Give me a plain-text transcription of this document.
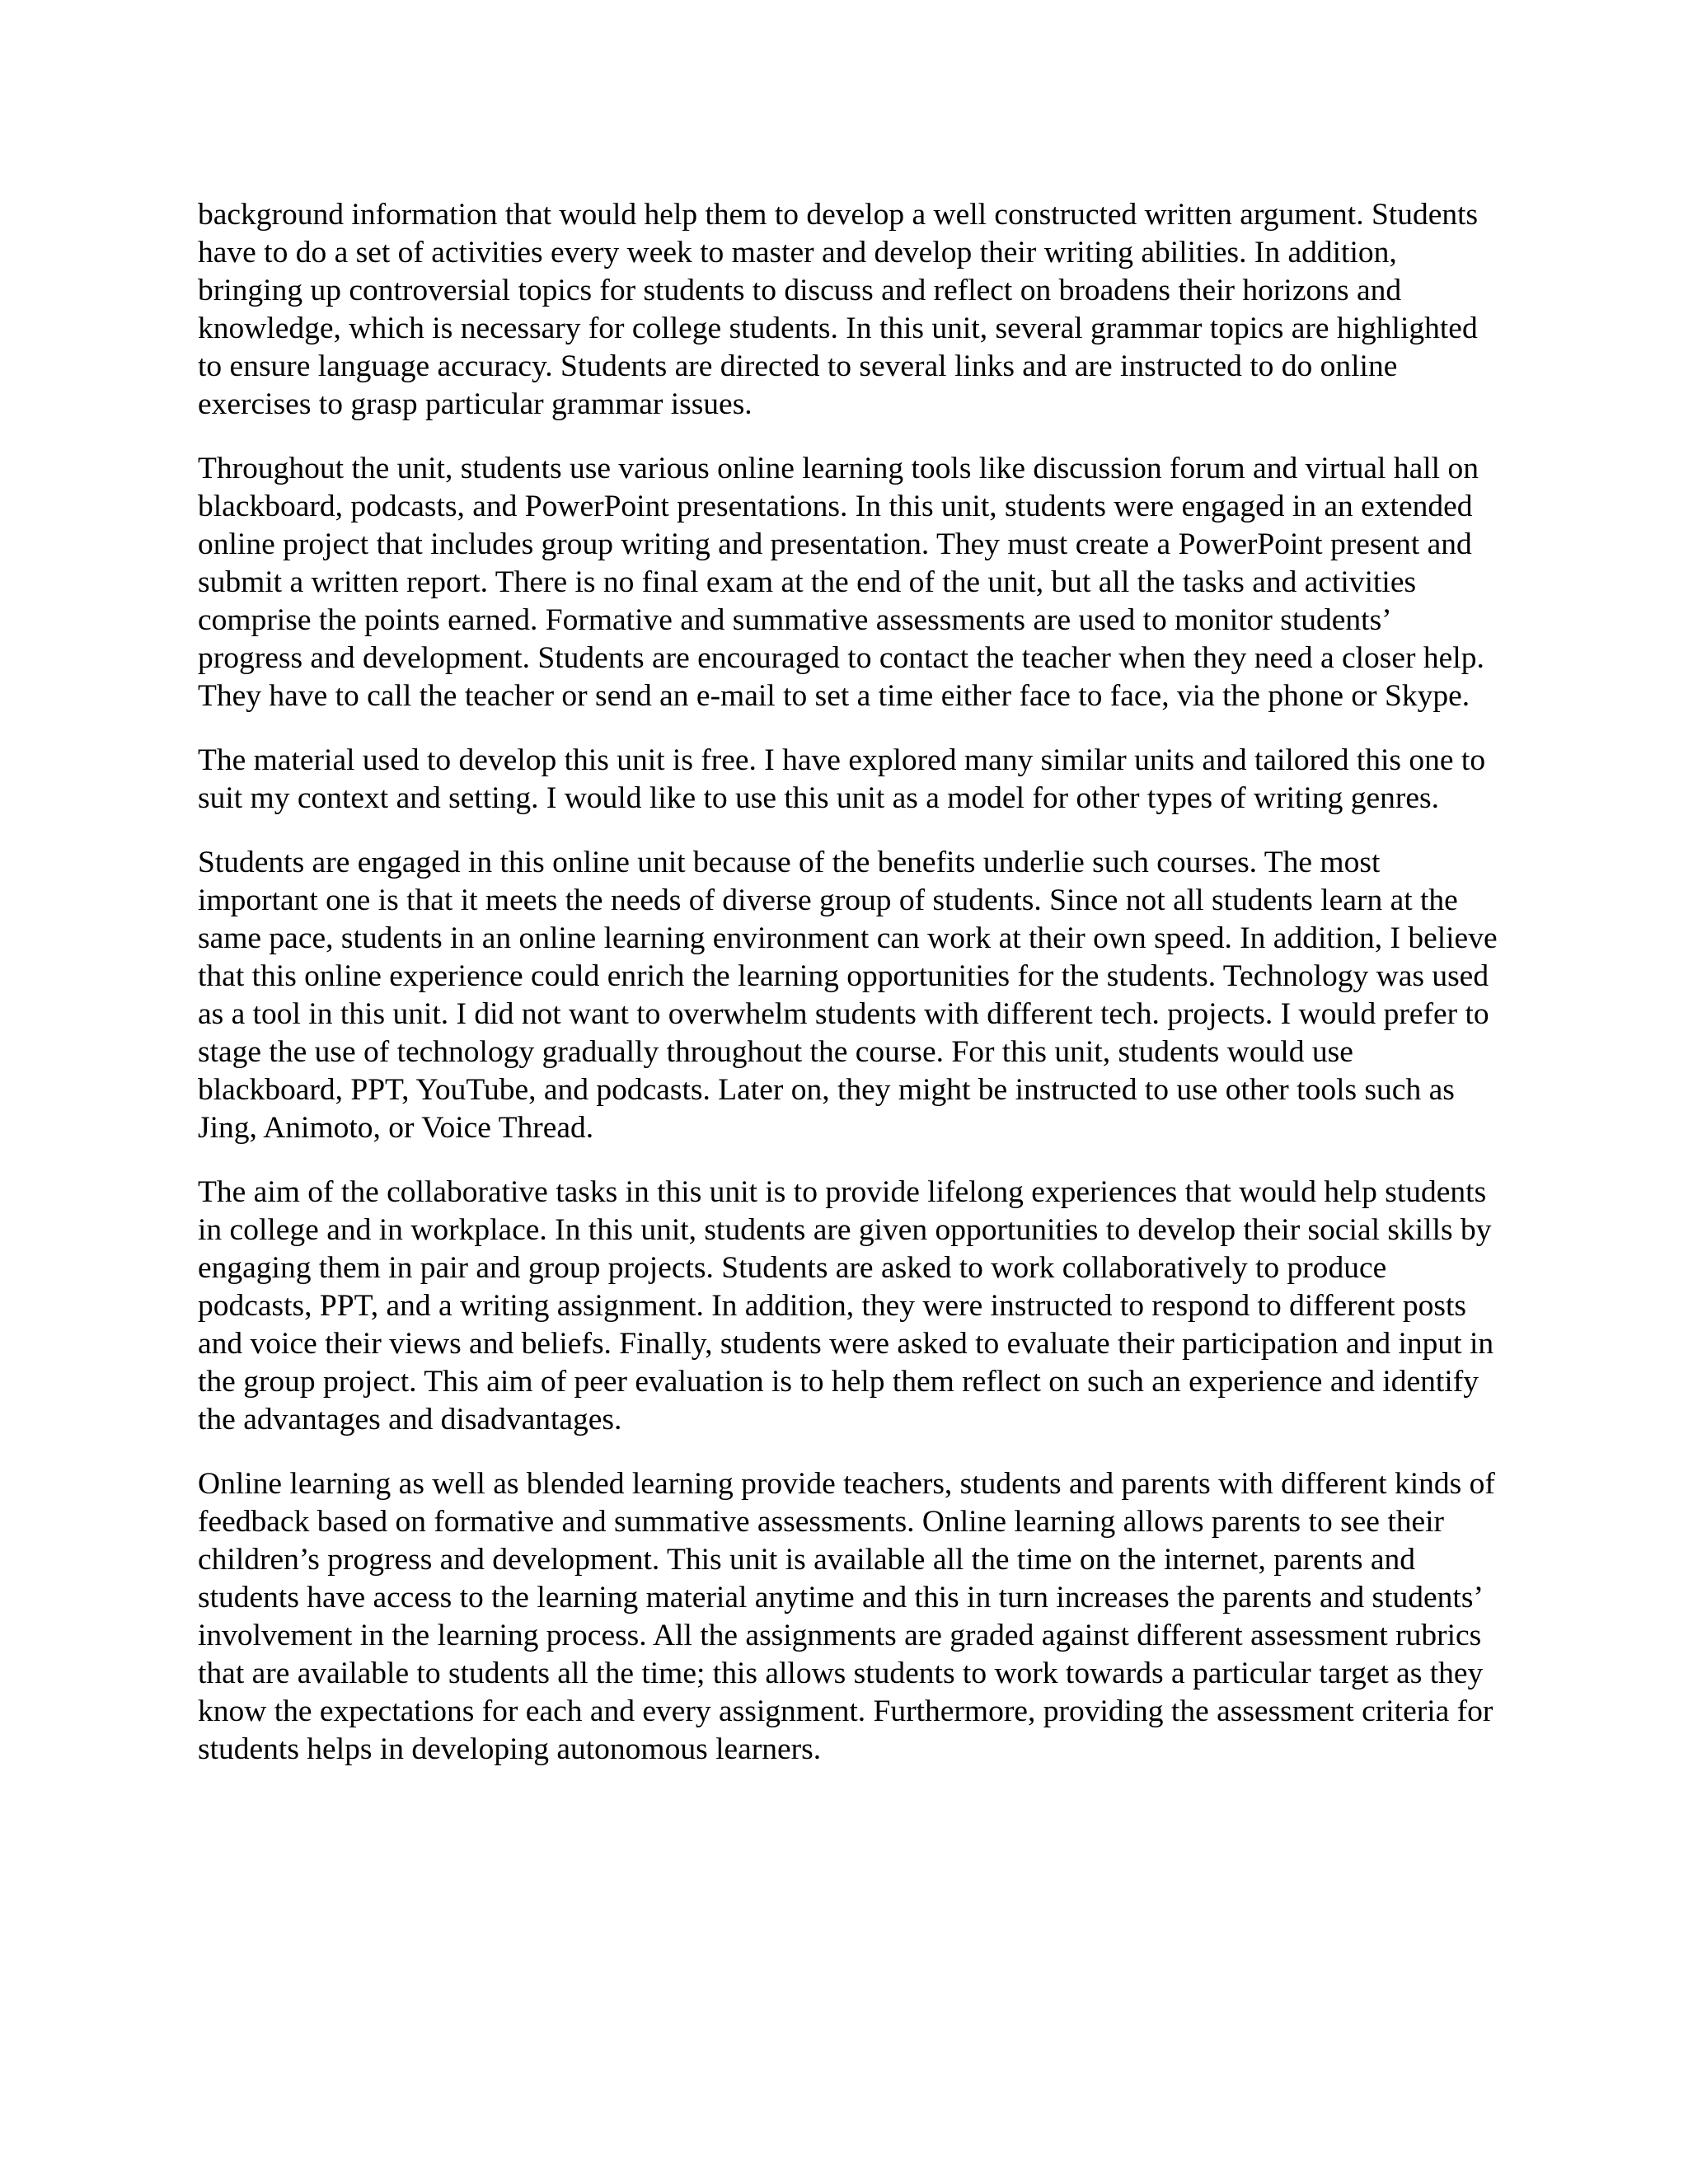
background information that would help them to develop a well constructed written argument. Students have to do a set of activities every week to master and develop their writing abilities. In addition, bringing up controversial topics for students to discuss and reflect on broadens their horizons and knowledge, which is necessary for college students. In this unit, several grammar topics are highlighted to ensure language accuracy. Students are directed to several links and are instructed to do online exercises to grasp particular grammar issues.

Throughout the unit, students use various online learning tools like discussion forum and virtual hall on blackboard, podcasts, and PowerPoint presentations. In this unit, students were engaged in an extended online project that includes group writing and presentation. They must create a PowerPoint present and submit a written report. There is no final exam at the end of the unit, but all the tasks and activities comprise the points earned. Formative and summative assessments are used to monitor students’ progress and development. Students are encouraged to contact the teacher when they need a closer help. They have to call the teacher or send an e-mail to set a time either face to face, via the phone or Skype.

The material used to develop this unit is free. I have explored many similar units and tailored this one to suit my context and setting. I would like to use this unit as a model for other types of writing genres.

Students are engaged in this online unit because of the benefits underlie such courses. The most important one is that it meets the needs of diverse group of students. Since not all students learn at the same pace, students in an online learning environment can work at their own speed. In addition, I believe that this online experience could enrich the learning opportunities for the students. Technology was used as a tool in this unit. I did not want to overwhelm students with different tech. projects. I would prefer to stage the use of technology gradually throughout the course. For this unit, students would use blackboard, PPT, YouTube, and podcasts. Later on, they might be instructed to use other tools such as Jing, Animoto, or Voice Thread.

The aim of the collaborative tasks in this unit is to provide lifelong experiences that would help students in college and in workplace. In this unit, students are given opportunities to develop their social skills by engaging them in pair and group projects. Students are asked to work collaboratively to produce podcasts, PPT, and a writing assignment. In addition, they were instructed to respond to different posts and voice their views and beliefs. Finally, students were asked to evaluate their participation and input in the group project. This aim of peer evaluation is to help them reflect on such an experience and identify the advantages and disadvantages.

Online learning as well as blended learning provide teachers, students and parents with different kinds of feedback based on formative and summative assessments. Online learning allows parents to see their children’s progress and development. This unit is available all the time on the internet, parents and students have access to the learning material anytime and this in turn increases the parents and students’ involvement in the learning process. All the assignments are graded against different assessment rubrics that are available to students all the time; this allows students to work towards a particular target as they know the expectations for each and every assignment. Furthermore, providing the assessment criteria for students helps in developing autonomous learners.
